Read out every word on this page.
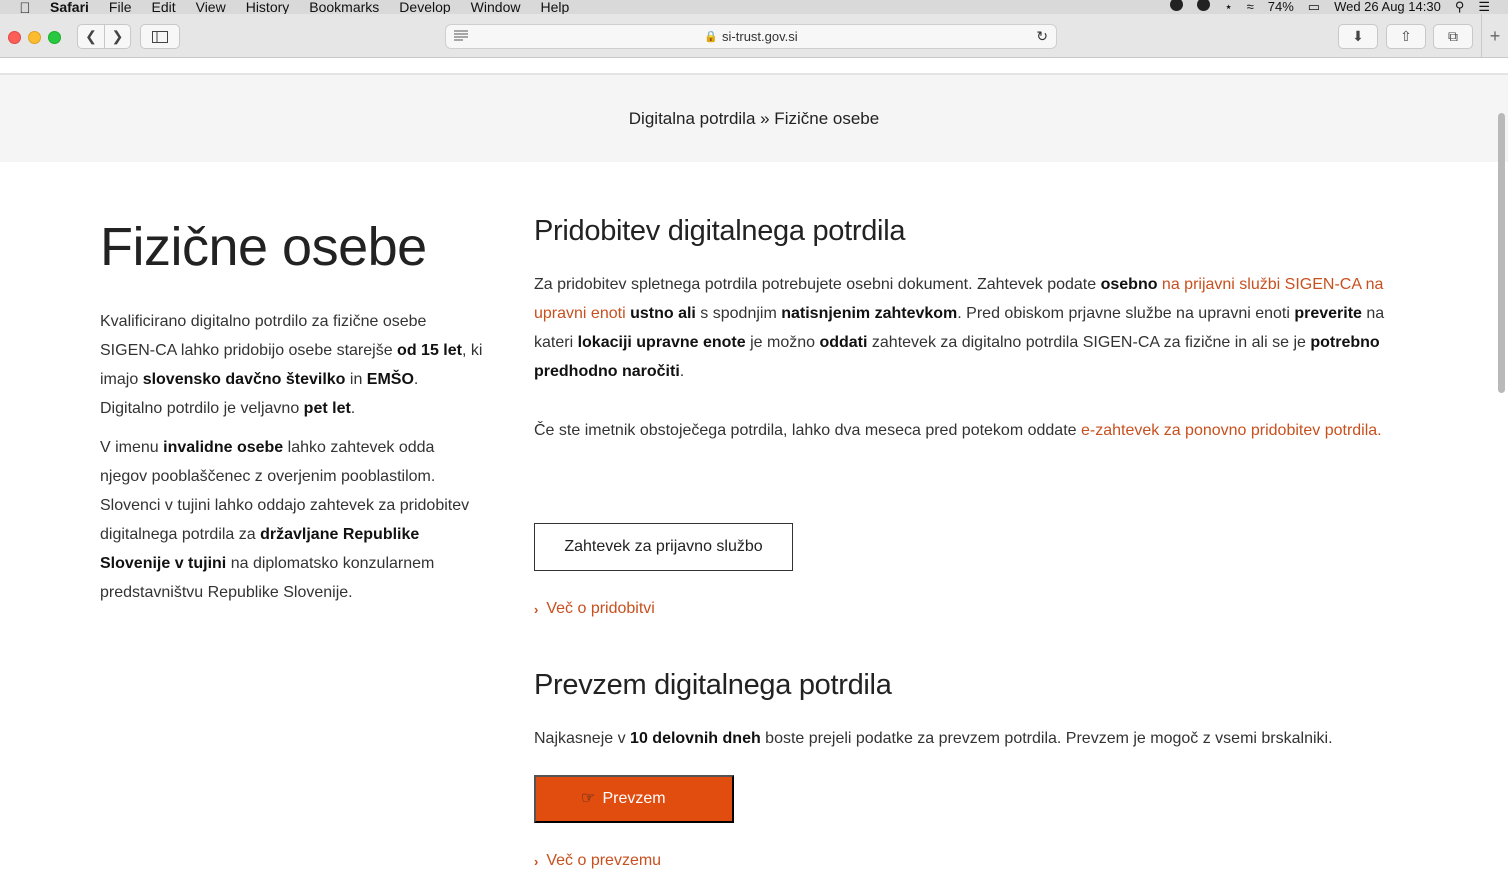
Safari File Edit View History Bookmarks Develop Window Help	⋆ ≈ 74% ▭ Wed 26 Aug 14:30 ⚲ ☰
❮ ❯	🔒 si-trust.gov.si	↻	⬇	⇧	⧉ +
Digitalna potrdila » Fizične osebe
Fizične osebe

Kvalificirano digitalno potrdilo za fizične osebe SIGEN-CA lahko pridobijo osebe starejše od 15 let, ki imajo slovensko davčno številko in EMŠO. Digitalno potrdilo je veljavno pet let.

V imenu invalidne osebe lahko zahtevek odda njegov pooblaščenec z overjenim pooblastilom. Slovenci v tujini lahko oddajo zahtevek za pridobitev digitalnega potrdila za državljane Republike Slovenije v tujini na diplomatsko konzularnem predstavništvu Republike Slovenije.

Pridobitev digitalnega potrdila

Za pridobitev spletnega potrdila potrebujete osebni dokument. Zahtevek podate osebno na prijavni službi SIGEN-CA na upravni enoti ustno ali s spodnjim natisnjenim zahtevkom. Pred obiskom prjavne službe na upravni enoti preverite na kateri lokaciji upravne enote je možno oddati zahtevek za digitalno potrdila SIGEN-CA za fizične in ali se je potrebno predhodno naročiti.

Če ste imetnik obstoječega potrdila, lahko dva meseca pred potekom oddate e-zahtevek za ponovno pridobitev potrdila.

Zahtevek za prijavno službo
› Več o pridobitvi
Prevzem digitalnega potrdila

Najkasneje v 10 delovnih dneh boste prejeli podatke za prevzem potrdila. Prevzem je mogoč z vsemi brskalniki.

Prevzem
☞
› Več o prevzemu
